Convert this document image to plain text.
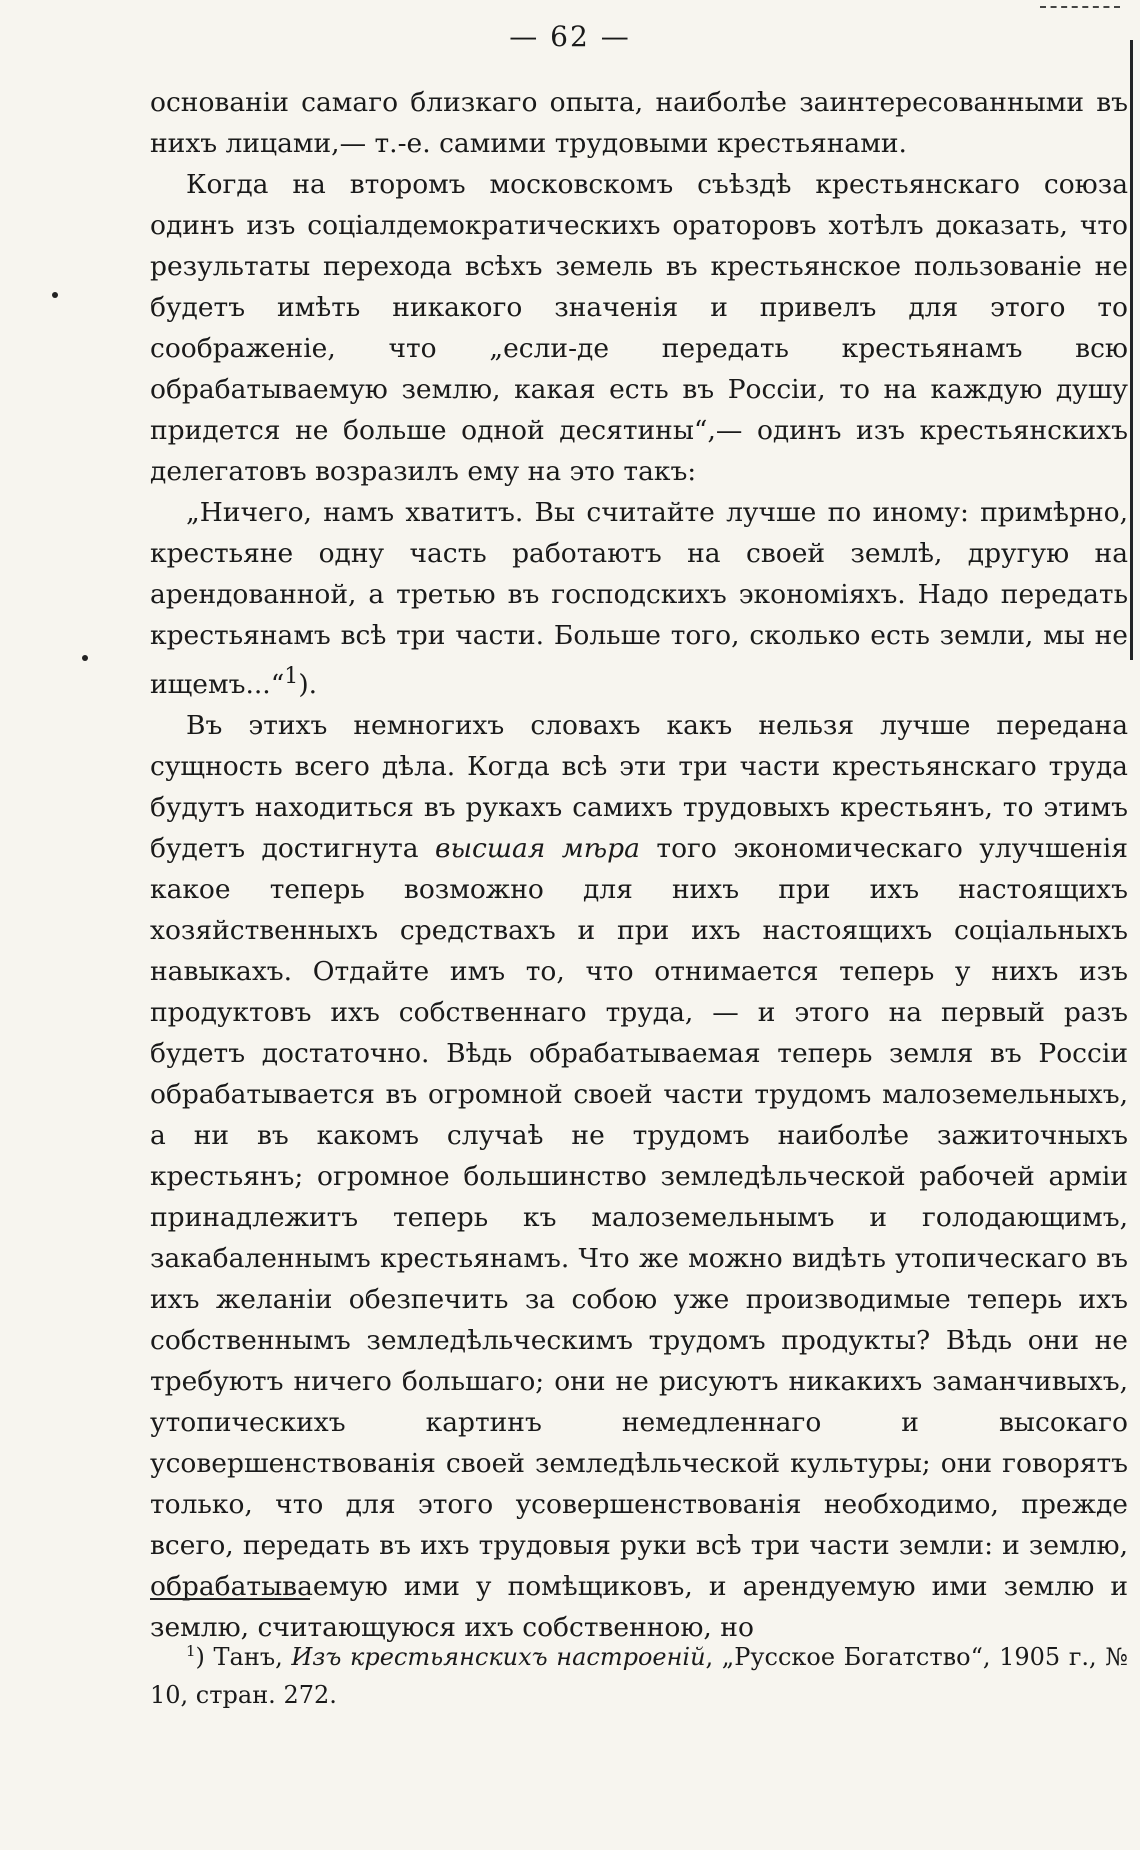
— 62 —

основанiи самаго близкаго опыта, наиболѣе заинтересованными въ нихъ лицами,— т.-е. самими трудовыми крестьянами.

Когда на второмъ московскомъ съѣздѣ крестьянскаго союза одинъ изъ соцiалдемократическихъ ораторовъ хотѣлъ доказать, что результаты перехода всѣхъ земель въ крестьянское пользованiе не будетъ имѣть никакого значенiя и привелъ для этого то соображенiе, что „если-де передать крестьянамъ всю обрабатываемую землю, какая есть въ Россiи, то на каждую душу придется не больше одной десятины“,— одинъ изъ крестьянскихъ делегатовъ возразилъ ему на это такъ:

„Ничего, намъ хватитъ. Вы считайте лучше по иному: примѣрно, крестьяне одну часть работаютъ на своей землѣ, другую на арендованной, а третью въ господскихъ экономiяхъ. Надо передать крестьянамъ всѣ три части. Больше того, сколько есть земли, мы не ищемъ...“$^1$).

Въ этихъ немногихъ словахъ какъ нельзя лучше передана сущность всего дѣла. Когда всѣ эти три части крестьянскаго труда будутъ находиться въ рукахъ самихъ трудовыхъ крестьянъ, то этимъ будетъ достигнута высшая мѣра того экономическаго улучшенiя какое теперь возможно для нихъ при ихъ настоящихъ хозяйственныхъ средствахъ и при ихъ настоящихъ соцiальныхъ навыкахъ. Отдайте имъ то, что отнимается теперь у нихъ изъ продуктовъ ихъ собственнаго труда, — и этого на первый разъ будетъ достаточно. Вѣдь обрабатываемая теперь земля въ Россiи обрабатывается въ огромной своей части трудомъ малоземельныхъ, а ни въ какомъ случаѣ не трудомъ наиболѣе зажиточныхъ крестьянъ; огромное большинство земледѣльческой рабочей армiи принадлежитъ теперь къ малоземельнымъ и голодающимъ, закабаленнымъ крестьянамъ. Что же можно видѣть утопическаго въ ихъ желанiи обезпечить за собою уже производимые теперь ихъ собственнымъ земледѣльческимъ трудомъ продукты? Вѣдь они не требуютъ ничего большаго; они не рисуютъ никакихъ заманчивыхъ, утопическихъ картинъ немедленнаго и высокаго усовершенствованiя своей земледѣльческой культуры; они говорятъ только, что для этого усовершенствованiя необходимо, прежде всего, передать въ ихъ трудовыя руки всѣ три части земли: и землю, обрабатываемую ими у помѣщиковъ, и арендуемую ими землю и землю, считающуюся ихъ собственною, но

$^1$) Танъ, Изъ крестьянскихъ настроенiй, „Русское Богатство“, 1905 г., № 10, стран. 272.
